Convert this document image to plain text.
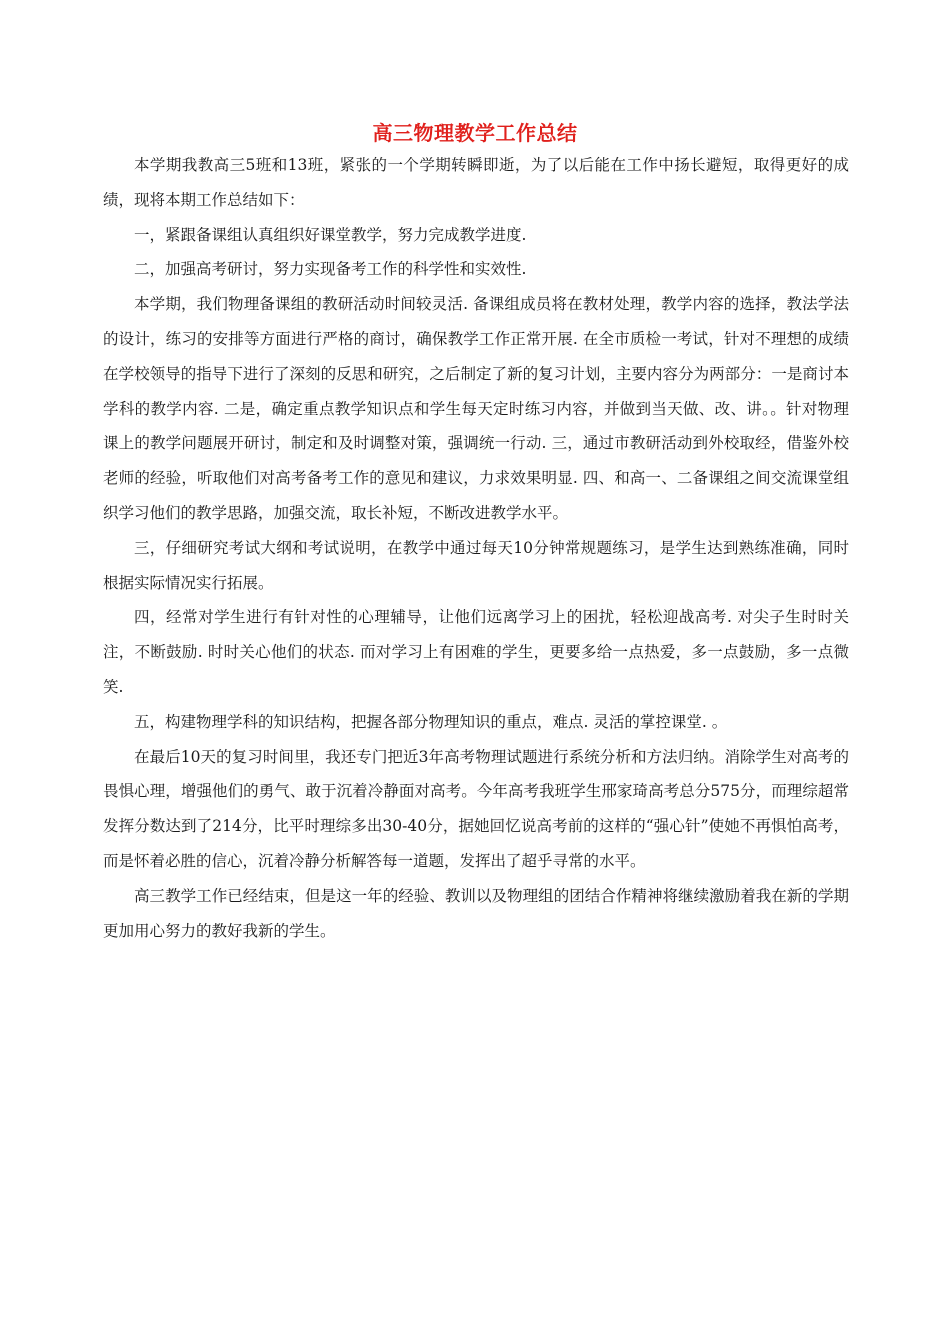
高三物理教学工作总结

本学期我教高三5班和13班，紧张的一个学期转瞬即逝，为了以后能在工作中扬长避短，取得更好的成绩，现将本期工作总结如下：

一，紧跟备课组认真组织好课堂教学，努力完成教学进度.

二，加强高考研讨，努力实现备考工作的科学性和实效性.

本学期，我们物理备课组的教研活动时间较灵活. 备课组成员将在教材处理，教学内容的选择，教法学法的设计，练习的安排等方面进行严格的商讨，确保教学工作正常开展. 在全市质检一考试，针对不理想的成绩在学校领导的指导下进行了深刻的反思和研究，之后制定了新的复习计划，主要内容分为两部分：一是商讨本学科的教学内容. 二是，确定重点教学知识点和学生每天定时练习内容，并做到当天做、改、讲。。针对物理课上的教学问题展开研讨，制定和及时调整对策，强调统一行动. 三，通过市教研活动到外校取经，借鉴外校老师的经验，听取他们对高考备考工作的意见和建议，力求效果明显. 四、和高一、二备课组之间交流课堂组织学习他们的教学思路，加强交流，取长补短，不断改进教学水平。

三，仔细研究考试大纲和考试说明，在教学中通过每天10分钟常规题练习，是学生达到熟练准确，同时根据实际情况实行拓展。

四，经常对学生进行有针对性的心理辅导，让他们远离学习上的困扰，轻松迎战高考. 对尖子生时时关注，不断鼓励. 时时关心他们的状态. 而对学习上有困难的学生，更要多给一点热爱，多一点鼓励，多一点微笑.

五，构建物理学科的知识结构，把握各部分物理知识的重点，难点. 灵活的掌控课堂. 。

在最后10天的复习时间里，我还专门把近3年高考物理试题进行系统分析和方法归纳。消除学生对高考的畏惧心理，增强他们的勇气、敢于沉着冷静面对高考。今年高考我班学生邢家琦高考总分575分，而理综超常发挥分数达到了214分，比平时理综多出30-40分，据她回忆说高考前的这样的“强心针”使她不再惧怕高考，而是怀着必胜的信心，沉着冷静分析解答每一道题，发挥出了超乎寻常的水平。

高三教学工作已经结束，但是这一年的经验、教训以及物理组的团结合作精神将继续激励着我在新的学期更加用心努力的教好我新的学生。
